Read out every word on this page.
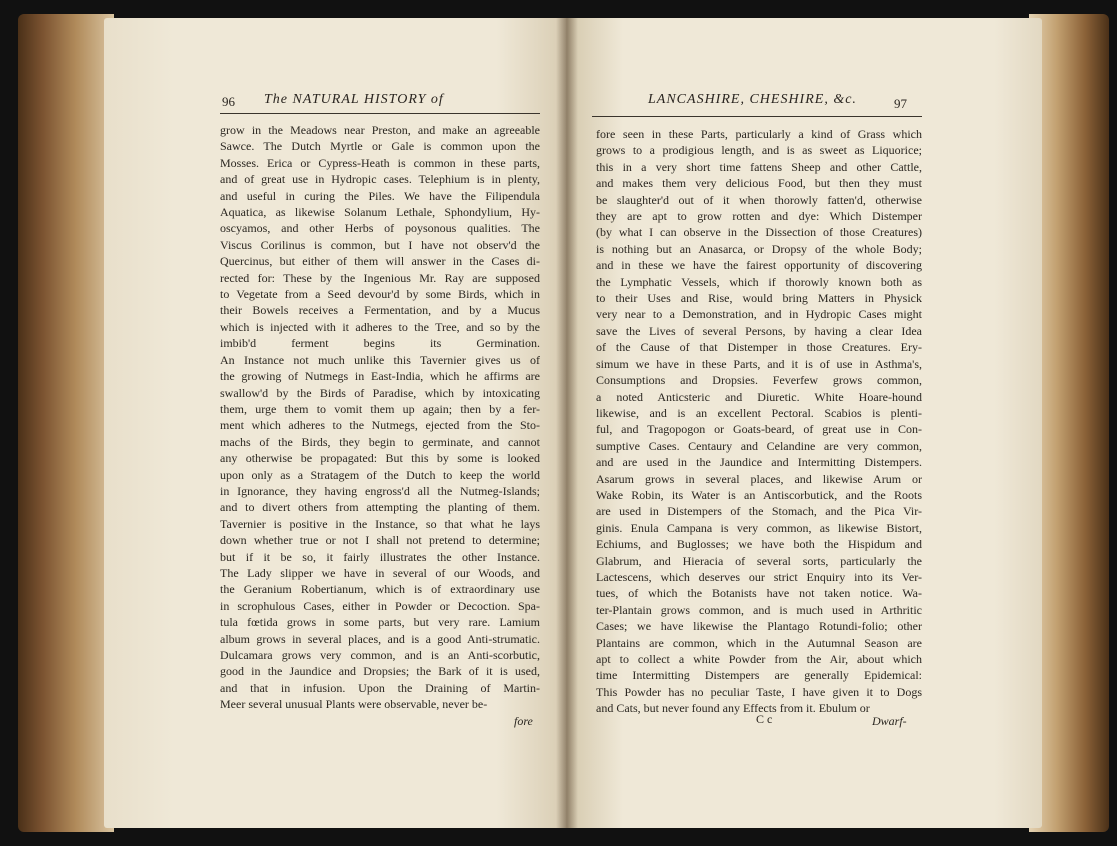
96 The NATURAL HISTORY of
grow in the Meadows near Preston, and make an agreeable
Sawce. The Dutch Myrtle or Gale is common upon the
Mosses. Erica or Cypress-Heath is common in these parts,
and of great use in Hydropic cases. Telephium is in plenty,
and useful in curing the Piles. We have the Filipendula
Aquatica, as likewise Solanum Lethale, Sphondylium, Hy-
oscyamos, and other Herbs of poysonous qualities. The
Viscus Corilinus is common, but I have not observ'd the
Quercinus, but either of them will answer in the Cases di-
rected for: These by the Ingenious Mr. Ray are supposed
to Vegetate from a Seed devour'd by some Birds, which in
their Bowels receives a Fermentation, and by a Mucus
which is injected with it adheres to the Tree, and so by the
imbib'd ferment begins its Germination.
An Instance not much unlike this Tavernier gives us of
the growing of Nutmegs in East-India, which he affirms are
swallow'd by the Birds of Paradise, which by intoxicating
them, urge them to vomit them up again; then by a fer-
ment which adheres to the Nutmegs, ejected from the Sto-
machs of the Birds, they begin to germinate, and cannot
any otherwise be propagated: But this by some is looked
upon only as a Stratagem of the Dutch to keep the world
in Ignorance, they having engross'd all the Nutmeg-Islands;
and to divert others from attempting the planting of them.
Tavernier is positive in the Instance, so that what he lays
down whether true or not I shall not pretend to determine;
but if it be so, it fairly illustrates the other Instance.
The Lady slipper we have in several of our Woods, and
the Geranium Robertianum, which is of extraordinary use
in scrophulous Cases, either in Powder or Decoction. Spa-
tula fœtida grows in some parts, but very rare. Lamium
album grows in several places, and is a good Anti-strumatic.
Dulcamara grows very common, and is an Anti-scorbutic,
good in the Jaundice and Dropsies; the Bark of it is used,
and that in infusion. Upon the Draining of Martin-
Meer several unusual Plants were observable, never be-
fore
LANCASHIRE, CHESHIRE, &c.	97
fore seen in these Parts, particularly a kind of Grass which
grows to a prodigious length, and is as sweet as Liquorice;
this in a very short time fattens Sheep and other Cattle,
and makes them very delicious Food, but then they must
be slaughter'd out of it when thorowly fatten'd, otherwise
they are apt to grow rotten and dye: Which Distemper
(by what I can observe in the Dissection of those Creatures)
is nothing but an Anasarca, or Dropsy of the whole Body;
and in these we have the fairest opportunity of discovering
the Lymphatic Vessels, which if thorowly known both as
to their Uses and Rise, would bring Matters in Physick
very near to a Demonstration, and in Hydropic Cases might
save the Lives of several Persons, by having a clear Idea
of the Cause of that Distemper in those Creatures. Ery-
simum we have in these Parts, and it is of use in Asthma's,
Consumptions and Dropsies. Feverfew grows common,
a noted Anticsteric and Diuretic. White Hoare-hound
likewise, and is an excellent Pectoral. Scabios is plenti-
ful, and Tragopogon or Goats-beard, of great use in Con-
sumptive Cases. Centaury and Celandine are very common,
and are used in the Jaundice and Intermitting Distempers.
Asarum grows in several places, and likewise Arum or
Wake Robin, its Water is an Antiscorbutick, and the Roots
are used in Distempers of the Stomach, and the Pica Vir-
ginis. Enula Campana is very common, as likewise Bistort,
Echiums, and Buglosses; we have both the Hispidum and
Glabrum, and Hieracia of several sorts, particularly the
Lactescens, which deserves our strict Enquiry into its Ver-
tues, of which the Botanists have not taken notice. Wa-
ter-Plantain grows common, and is much used in Arthritic
Cases; we have likewise the Plantago Rotundi-folio; other
Plantains are common, which in the Autumnal Season are
apt to collect a white Powder from the Air, about which
time Intermitting Distempers are generally Epidemical:
This Powder has no peculiar Taste, I have given it to Dogs
and Cats, but never found any Effects from it. Ebulum or
C c	Dwarf-
